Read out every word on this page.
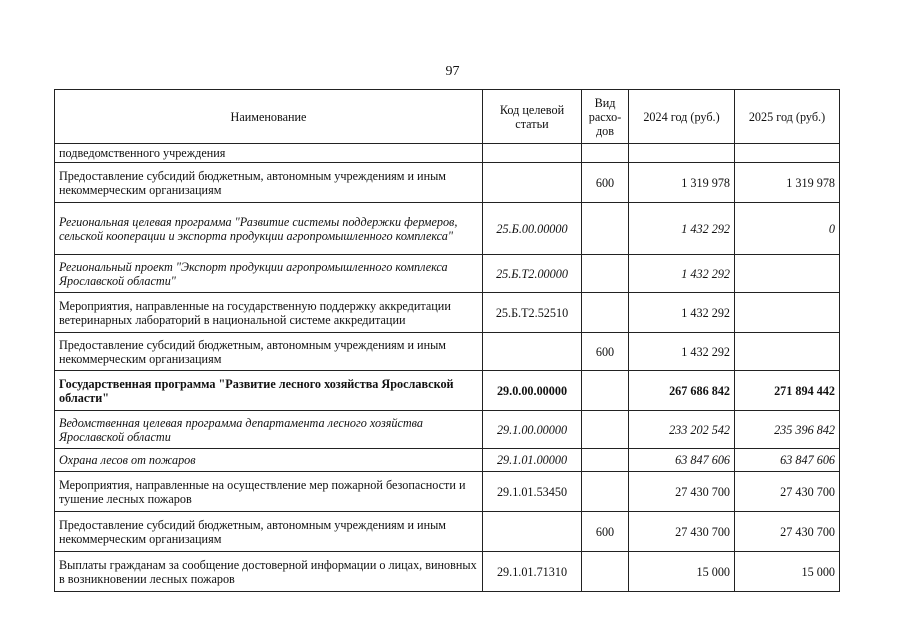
97
Наименование	Код целевой статьи	Вид расхо-дов	2024 год (руб.)	2025 год (руб.)
подведомственного учреждения				
Предоставление субсидий бюджетным, автономным учреждениям и иным некоммерческим организациям		600	1 319 978	1 319 978
Региональная целевая программа "Развитие системы поддержки фермеров, сельской кооперации и экспорта продукции агропромышленного комплекса"	25.Б.00.00000		1 432 292	0
Региональный проект "Экспорт продукции агропромышленного комплекса Ярославской области"	25.Б.Т2.00000		1 432 292	
Мероприятия, направленные на государственную поддержку аккредитации ветеринарных лабораторий в национальной системе аккредитации	25.Б.Т2.52510		1 432 292	
Предоставление субсидий бюджетным, автономным учреждениям и иным некоммерческим организациям		600	1 432 292	
Государственная программа "Развитие лесного хозяйства Ярославской области"	29.0.00.00000		267 686 842	271 894 442
Ведомственная целевая программа департамента лесного хозяйства Ярославской области	29.1.00.00000		233 202 542	235 396 842
Охрана лесов от пожаров	29.1.01.00000		63 847 606	63 847 606
Мероприятия, направленные на осуществление мер пожарной безопасности и тушение лесных пожаров	29.1.01.53450		27 430 700	27 430 700
Предоставление субсидий бюджетным, автономным учреждениям и иным некоммерческим организациям		600	27 430 700	27 430 700
Выплаты гражданам за сообщение достоверной информации о лицах, виновных в возникновении лесных пожаров	29.1.01.71310		15 000	15 000
